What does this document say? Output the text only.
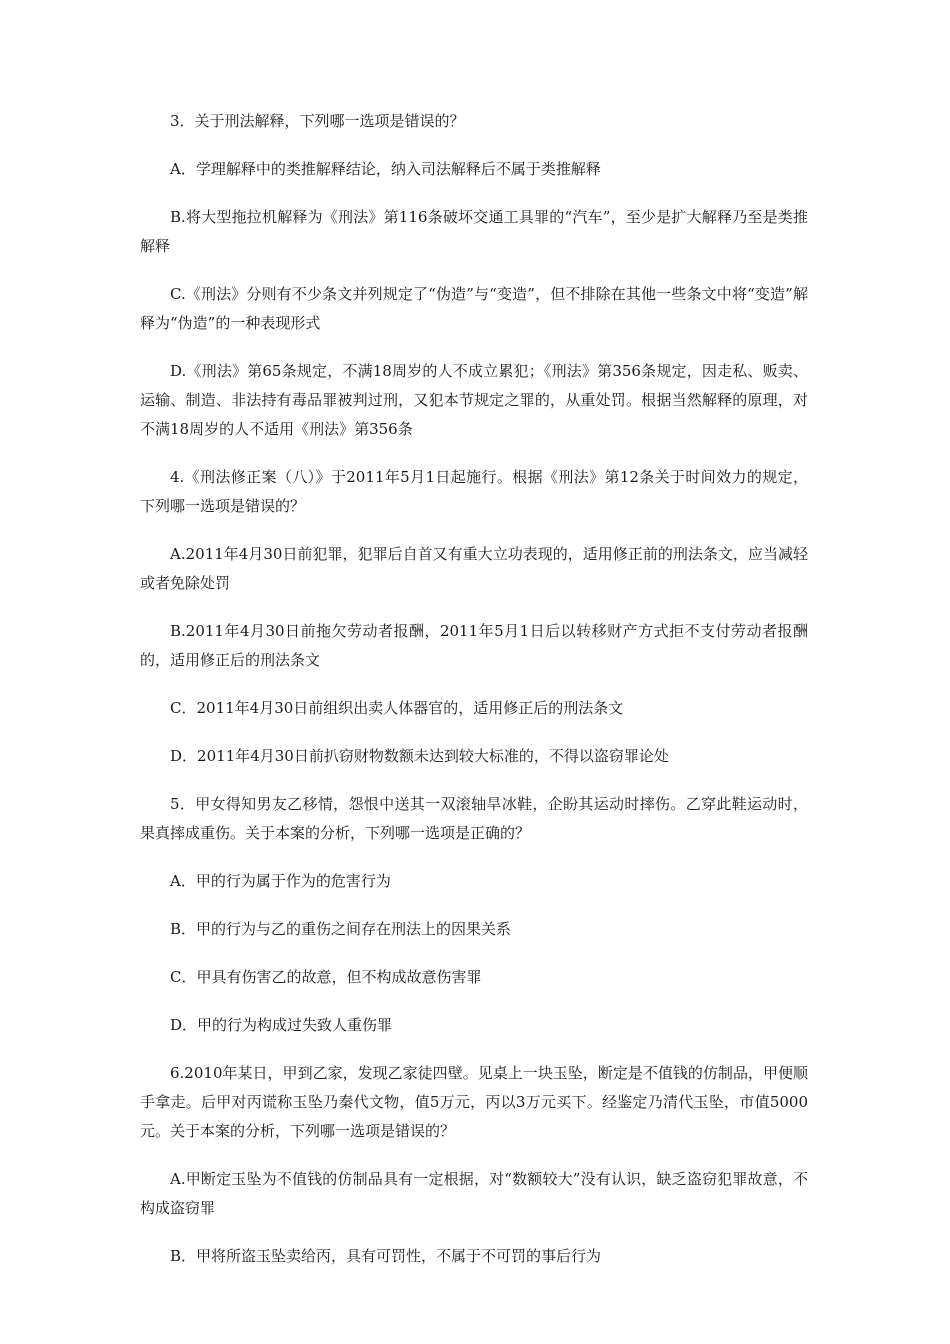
3．关于刑法解释，下列哪一选项是错误的？

A．学理解释中的类推解释结论，纳入司法解释后不属于类推解释

B.将大型拖拉机解释为《刑法》第116条破坏交通工具罪的“汽车”，至少是扩大解释乃至是类推解释

C.《刑法》分则有不少条文并列规定了“伪造”与“变造”，但不排除在其他一些条文中将“变造”解释为“伪造”的一种表现形式

D.《刑法》第65条规定，不满18周岁的人不成立累犯；《刑法》第356条规定，因走私、贩卖、运输、制造、非法持有毒品罪被判过刑，又犯本节规定之罪的，从重处罚。根据当然解释的原理，对不满18周岁的人不适用《刑法》第356条

4.《刑法修正案（八）》于2011年5月1日起施行。根据《刑法》第12条关于时间效力的规定，下列哪一选项是错误的？

A.2011年4月30日前犯罪，犯罪后自首又有重大立功表现的，适用修正前的刑法条文，应当减轻或者免除处罚

B.2011年4月30日前拖欠劳动者报酬，2011年5月1日后以转移财产方式拒不支付劳动者报酬的，适用修正后的刑法条文

C．2011年4月30日前组织出卖人体器官的，适用修正后的刑法条文

D．2011年4月30日前扒窃财物数额未达到较大标准的，不得以盗窃罪论处

5．甲女得知男友乙移情，怨恨中送其一双滚轴旱冰鞋，企盼其运动时摔伤。乙穿此鞋运动时，果真摔成重伤。关于本案的分析，下列哪一选项是正确的？

A．甲的行为属于作为的危害行为

B．甲的行为与乙的重伤之间存在刑法上的因果关系

C．甲具有伤害乙的故意，但不构成故意伤害罪

D．甲的行为构成过失致人重伤罪

6.2010年某日，甲到乙家，发现乙家徒四壁。见桌上一块玉坠，断定是不值钱的仿制品，甲便顺手拿走。后甲对丙谎称玉坠乃秦代文物，值5万元，丙以3万元买下。经鉴定乃清代玉坠，市值5000元。关于本案的分析，下列哪一选项是错误的？

A.甲断定玉坠为不值钱的仿制品具有一定根据，对“数额较大”没有认识，缺乏盗窃犯罪故意，不构成盗窃罪

B．甲将所盗玉坠卖给丙，具有可罚性，不属于不可罚的事后行为
